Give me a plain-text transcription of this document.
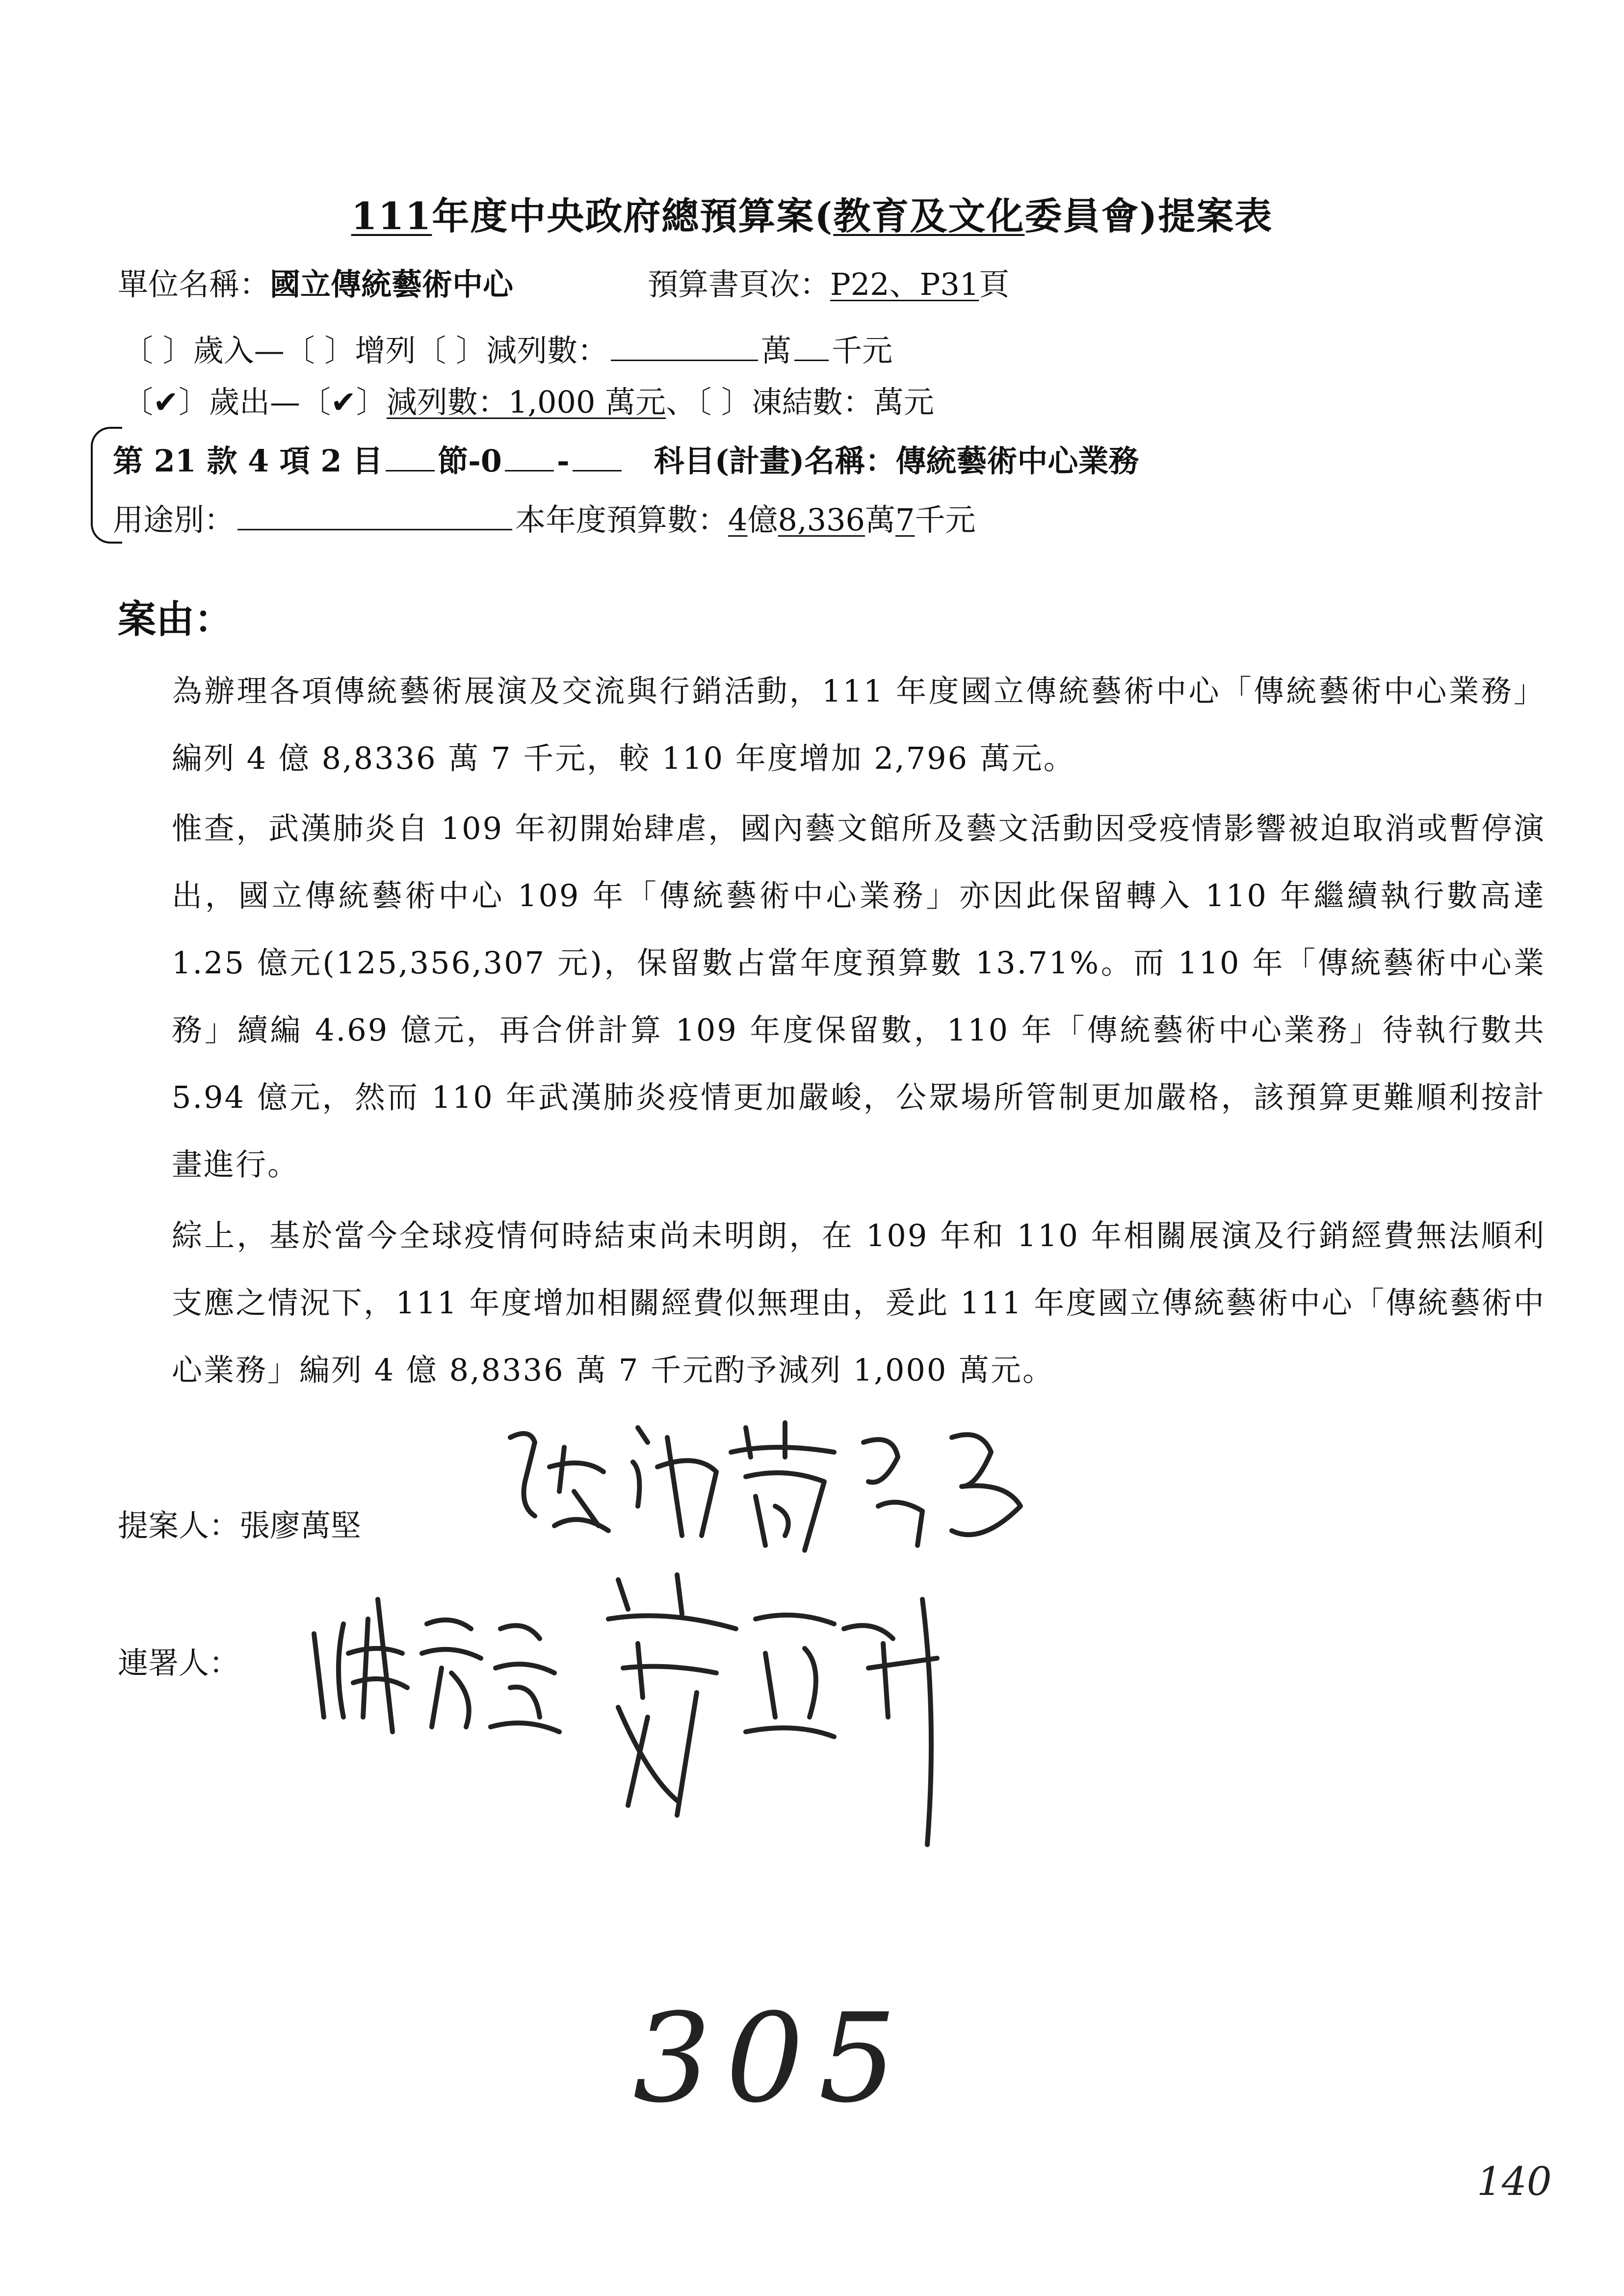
111年度中央政府總預算案(教育及文化委員會)提案表
單位名稱：國立傳統藝術中心	預算書頁次：P22、P31頁
〔 〕歲入—〔 〕增列〔 〕減列數：	萬 千元
〔✔〕歲出—〔✔〕減列數：1,000 萬元、〔 〕凍結數：萬元
第 21 款 4 項 2 目 節-0 -	科目(計畫)名稱：傳統藝術中心業務
用途別：	本年度預算數：4億8,336萬7千元
案由：
為辦理各項傳統藝術展演及交流與行銷活動，111 年度國立傳統藝術中心「傳統藝術中心業務」編列 4 億 8,8336 萬 7 千元，較 110 年度增加 2,796 萬元。
惟查，武漢肺炎自 109 年初開始肆虐，國內藝文館所及藝文活動因受疫情影響被迫取消或暫停演出，國立傳統藝術中心 109 年「傳統藝術中心業務」亦因此保留轉入 110 年繼續執行數高達 1.25 億元(125,356,307 元)，保留數占當年度預算數 13.71%。而 110 年「傳統藝術中心業務」續編 4.69 億元，再合併計算 109 年度保留數，110 年「傳統藝術中心業務」待執行數共 5.94 億元，然而 110 年武漢肺炎疫情更加嚴峻，公眾場所管制更加嚴格，該預算更難順利按計畫進行。
綜上，基於當今全球疫情何時結束尚未明朗，在 109 年和 110 年相關展演及行銷經費無法順利支應之情況下，111 年度增加相關經費似無理由，爰此 111 年度國立傳統藝術中心「傳統藝術中心業務」編列 4 億 8,8336 萬 7 千元酌予減列 1,000 萬元。
提案人：張廖萬堅
連署人：
305
140
